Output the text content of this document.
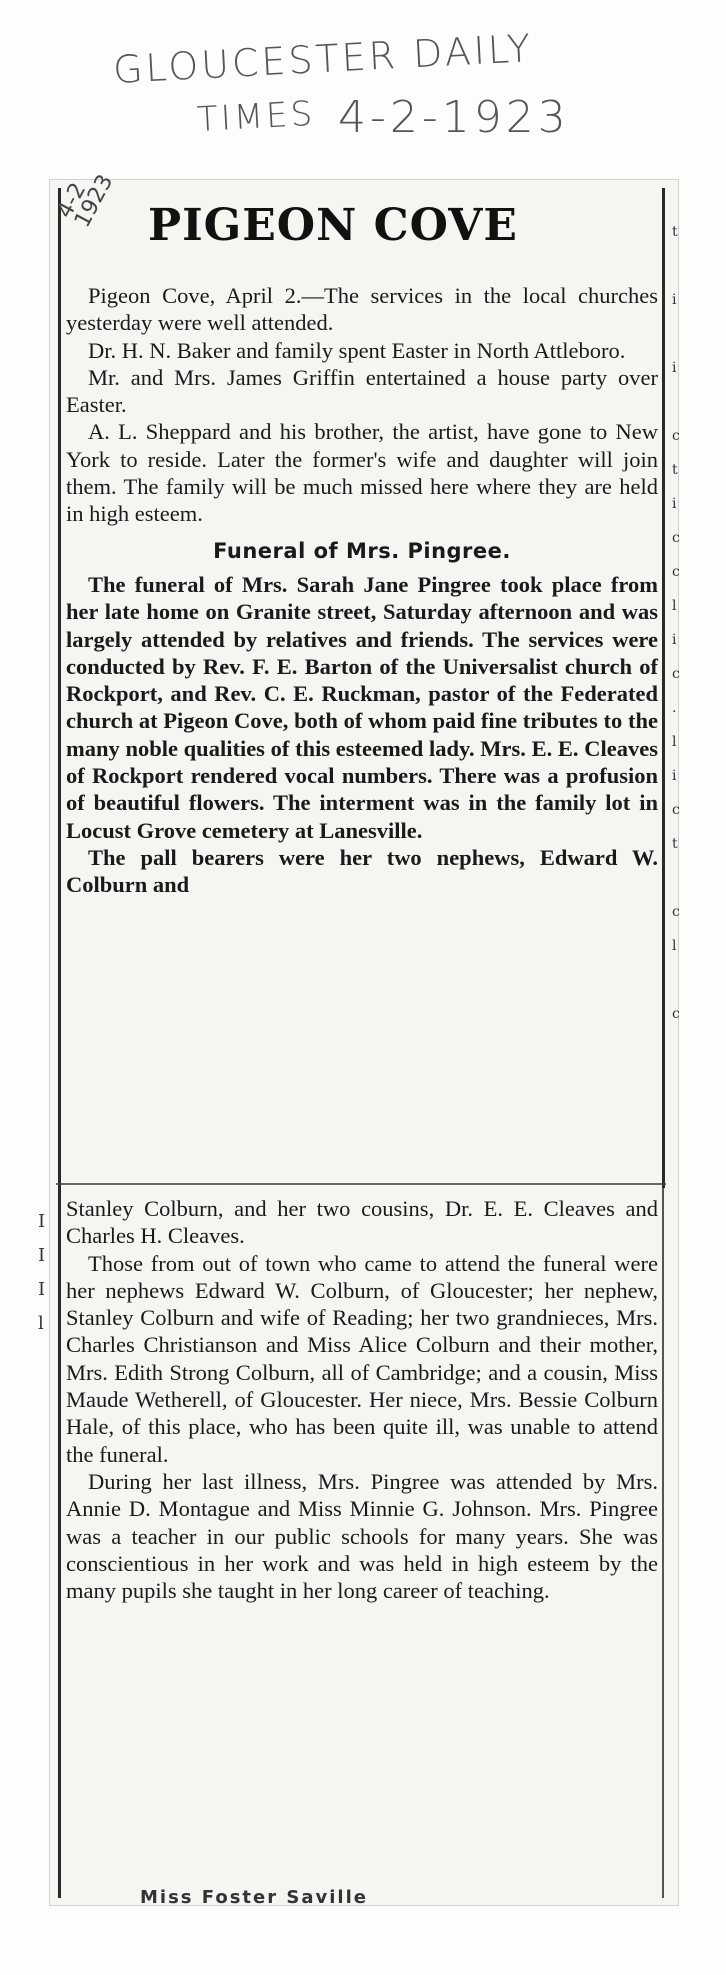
GLOUCESTER DAILY
TIMES 4-2-1923
t

i

i

c
t
i
c
c
l
i
c
.
l
i
c
t

c
l

c
I
I
I
l
4-2
1923 PIGEON COVE

Pigeon Cove, April 2.—The services in the local churches yesterday were well attended.

Dr. H. N. Baker and family spent Easter in North Attleboro.

Mr. and Mrs. James Griffin entertained a house party over Easter.

A. L. Sheppard and his brother, the artist, have gone to New York to reside. Later the former's wife and daughter will join them. The family will be much missed here where they are held in high esteem.

Funeral of Mrs. Pingree.

The funeral of Mrs. Sarah Jane Pingree took place from her late home on Granite street, Saturday afternoon and was largely attended by relatives and friends. The services were conducted by Rev. F. E. Barton of the Universalist church of Rockport, and Rev. C. E. Ruckman, pastor of the Federated church at Pigeon Cove, both of whom paid fine tributes to the many noble qualities of this esteemed lady. Mrs. E. E. Cleaves of Rockport rendered vocal numbers. There was a profusion of beautiful flowers. The interment was in the family lot in Locust Grove cemetery at Lanesville.

The pall bearers were her two nephews, Edward W. Colburn and

Stanley Colburn, and her two cousins, Dr. E. E. Cleaves and Charles H. Cleaves.

Those from out of town who came to attend the funeral were her nephews Edward W. Colburn, of Gloucester; her nephew, Stanley Colburn and wife of Reading; her two grandnieces, Mrs. Charles Christianson and Miss Alice Colburn and their mother, Mrs. Edith Strong Colburn, all of Cambridge; and a cousin, Miss Maude Wetherell, of Gloucester. Her niece, Mrs. Bessie Colburn Hale, of this place, who has been quite ill, was unable to attend the funeral.

During her last illness, Mrs. Pingree was attended by Mrs. Annie D. Montague and Miss Minnie G. Johnson. Mrs. Pingree was a teacher in our public schools for many years. She was conscientious in her work and was held in high esteem by the many pupils she taught in her long career of teaching.

Miss Foster Saville
